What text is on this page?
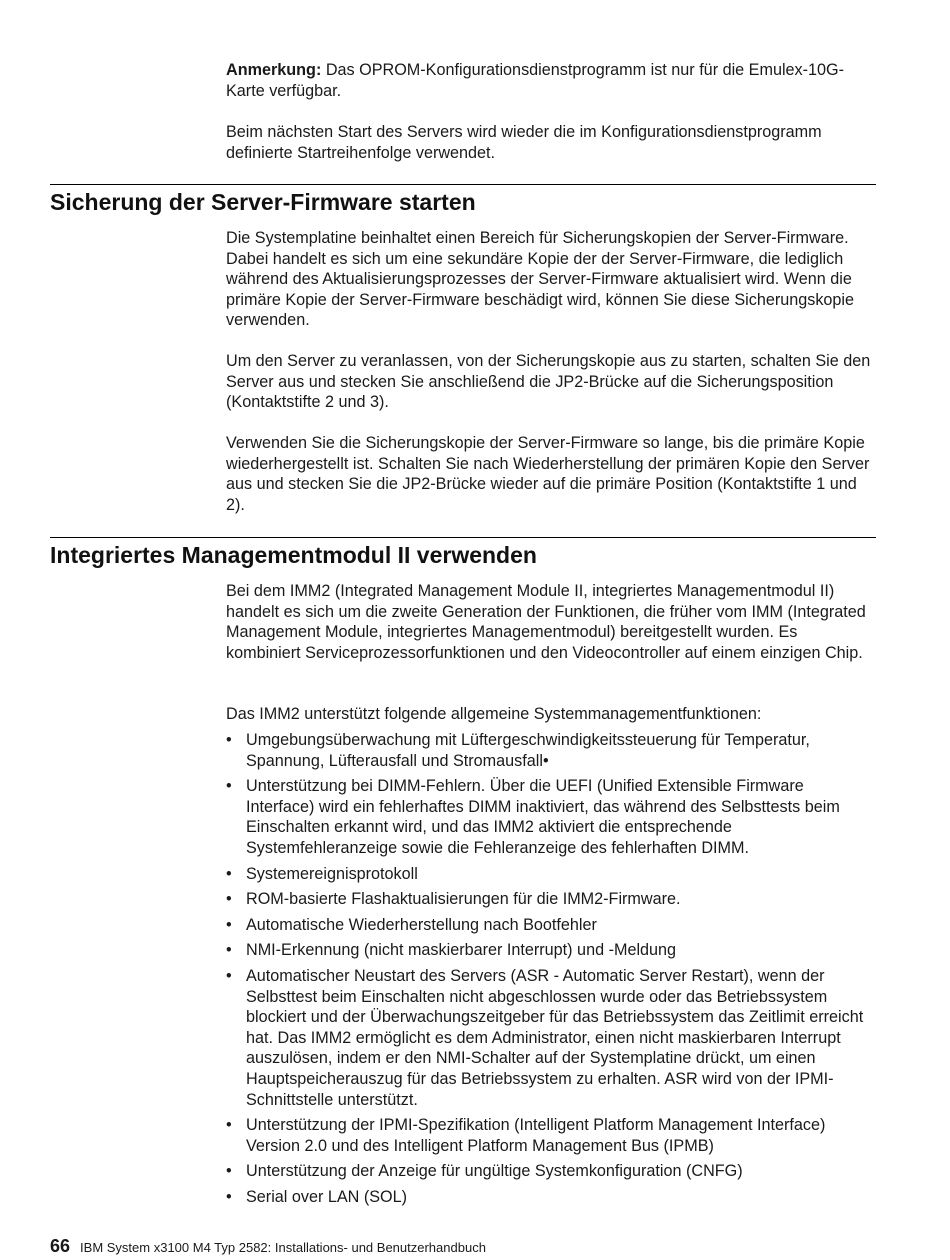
Anmerkung: Das OPROM-Konfigurationsdienstprogramm ist nur für die Emulex-10G-Karte verfügbar.

Beim nächsten Start des Servers wird wieder die im Konfigurationsdienstprogramm definierte Startreihenfolge verwendet.

Sicherung der Server-Firmware starten

Die Systemplatine beinhaltet einen Bereich für Sicherungskopien der Server-Firmware. Dabei handelt es sich um eine sekundäre Kopie der der Server-Firmware, die lediglich während des Aktualisierungsprozesses der Server-Firmware aktualisiert wird. Wenn die primäre Kopie der Server-Firmware beschädigt wird, können Sie diese Sicherungskopie verwenden.

Um den Server zu veranlassen, von der Sicherungskopie aus zu starten, schalten Sie den Server aus und stecken Sie anschließend die JP2-Brücke auf die Sicherungsposition (Kontaktstifte 2 und 3).

Verwenden Sie die Sicherungskopie der Server-Firmware so lange, bis die primäre Kopie wiederhergestellt ist. Schalten Sie nach Wiederherstellung der primären Kopie den Server aus und stecken Sie die JP2-Brücke wieder auf die primäre Position (Kontaktstifte 1 und 2).

Integriertes Managementmodul II verwenden

Bei dem IMM2 (Integrated Management Module II, integriertes Managementmodul II) handelt es sich um die zweite Generation der Funktionen, die früher vom IMM (Integrated Management Module, integriertes Managementmodul) bereitgestellt wurden. Es kombiniert Serviceprozessorfunktionen und den Videocontroller auf einem einzigen Chip.

Das IMM2 unterstützt folgende allgemeine Systemmanagementfunktionen:

• Umgebungsüberwachung mit Lüftergeschwindigkeitssteuerung für Temperatur, Spannung, Lüfterausfall und Stromausfall•
• Unterstützung bei DIMM-Fehlern. Über die UEFI (Unified Extensible Firmware Interface) wird ein fehlerhaftes DIMM inaktiviert, das während des Selbsttests beim Einschalten erkannt wird, und das IMM2 aktiviert die entsprechende Systemfehleranzeige sowie die Fehleranzeige des fehlerhaften DIMM.
• Systemereignisprotokoll
• ROM-basierte Flashaktualisierungen für die IMM2-Firmware.
• Automatische Wiederherstellung nach Bootfehler
• NMI-Erkennung (nicht maskierbarer Interrupt) und -Meldung
• Automatischer Neustart des Servers (ASR - Automatic Server Restart), wenn der Selbsttest beim Einschalten nicht abgeschlossen wurde oder das Betriebssystem blockiert und der Überwachungszeitgeber für das Betriebssystem das Zeitlimit erreicht hat. Das IMM2 ermöglicht es dem Administrator, einen nicht maskierbaren Interrupt auszulösen, indem er den NMI-Schalter auf der Systemplatine drückt, um einen Hauptspeicherauszug für das Betriebssystem zu erhalten. ASR wird von der IPMI-Schnittstelle unterstützt.
• Unterstützung der IPMI-Spezifikation (Intelligent Platform Management Interface) Version 2.0 und des Intelligent Platform Management Bus (IPMB)
• Unterstützung der Anzeige für ungültige Systemkonfiguration (CNFG)
• Serial over LAN (SOL)
66 IBM System x3100 M4 Typ 2582: Installations- und Benutzerhandbuch
